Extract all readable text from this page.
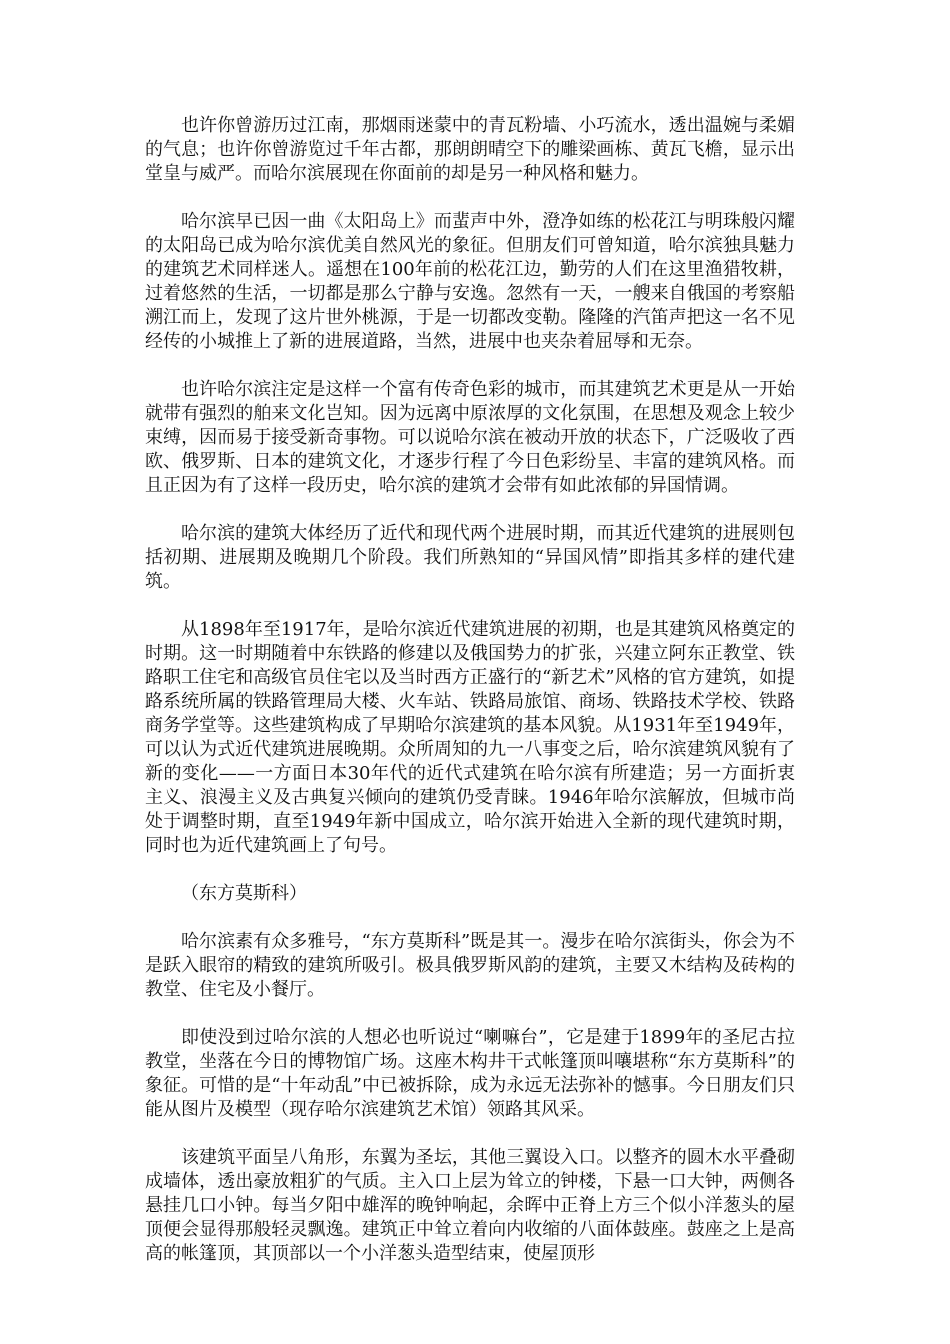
也许你曾游历过江南，那烟雨迷蒙中的青瓦粉墙、小巧流水，透出温婉与柔媚的气息；也许你曾游览过千年古都，那朗朗晴空下的雕梁画栋、黄瓦飞檐，显示出堂皇与威严。而哈尔滨展现在你面前的却是另一种风格和魅力。

哈尔滨早已因一曲《太阳岛上》而蜚声中外，澄净如练的松花江与明珠般闪耀的太阳岛已成为哈尔滨优美自然风光的象征。但朋友们可曾知道，哈尔滨独具魅力的建筑艺术同样迷人。遥想在100年前的松花江边，勤劳的人们在这里渔猎牧耕，过着悠然的生活，一切都是那么宁静与安逸。忽然有一天，一艘来自俄国的考察船溯江而上，发现了这片世外桃源，于是一切都改变勒。隆隆的汽笛声把这一名不见经传的小城推上了新的进展道路，当然，进展中也夹杂着屈辱和无奈。

也许哈尔滨注定是这样一个富有传奇色彩的城市，而其建筑艺术更是从一开始就带有强烈的舶来文化岂知。因为远离中原浓厚的文化氛围，在思想及观念上较少束缚，因而易于接受新奇事物。可以说哈尔滨在被动开放的状态下，广泛吸收了西欧、俄罗斯、日本的建筑文化，才逐步行程了今日色彩纷呈、丰富的建筑风格。而且正因为有了这样一段历史，哈尔滨的建筑才会带有如此浓郁的异国情调。

哈尔滨的建筑大体经历了近代和现代两个进展时期，而其近代建筑的进展则包括初期、进展期及晚期几个阶段。我们所熟知的“异国风情”即指其多样的建代建筑。

从1898年至1917年，是哈尔滨近代建筑进展的初期，也是其建筑风格奠定的时期。这一时期随着中东铁路的修建以及俄国势力的扩张，兴建立阿东正教堂、铁路职工住宅和高级官员住宅以及当时西方正盛行的“新艺术”风格的官方建筑，如提路系统所属的铁路管理局大楼、火车站、铁路局旅馆、商场、铁路技术学校、铁路商务学堂等。这些建筑构成了早期哈尔滨建筑的基本风貌。从1931年至1949年，可以认为式近代建筑进展晚期。众所周知的九一八事变之后，哈尔滨建筑风貌有了新的变化——一方面日本30年代的近代式建筑在哈尔滨有所建造；另一方面折衷主义、浪漫主义及古典复兴倾向的建筑仍受青睐。1946年哈尔滨解放，但城市尚处于调整时期，直至1949年新中国成立，哈尔滨开始进入全新的现代建筑时期，同时也为近代建筑画上了句号。

（东方莫斯科）

哈尔滨素有众多雅号，“东方莫斯科”既是其一。漫步在哈尔滨街头，你会为不是跃入眼帘的精致的建筑所吸引。极具俄罗斯风韵的建筑，主要又木结构及砖构的教堂、住宅及小餐厅。

即使没到过哈尔滨的人想必也听说过“喇嘛台”，它是建于1899年的圣尼古拉教堂，坐落在今日的博物馆广场。这座木构井干式帐篷顶叫嚷堪称“东方莫斯科”的象征。可惜的是“十年动乱”中已被拆除，成为永远无法弥补的憾事。今日朋友们只能从图片及模型（现存哈尔滨建筑艺术馆）领路其风采。

该建筑平面呈八角形，东翼为圣坛，其他三翼设入口。以整齐的圆木水平叠砌成墙体，透出豪放粗犷的气质。主入口上层为耸立的钟楼，下悬一口大钟，两侧各悬挂几口小钟。每当夕阳中雄浑的晚钟响起，余晖中正脊上方三个似小洋葱头的屋顶便会显得那般轻灵飘逸。建筑正中耸立着向内收缩的八面体鼓座。鼓座之上是高高的帐篷顶，其顶部以一个小洋葱头造型结束，使屋顶形
